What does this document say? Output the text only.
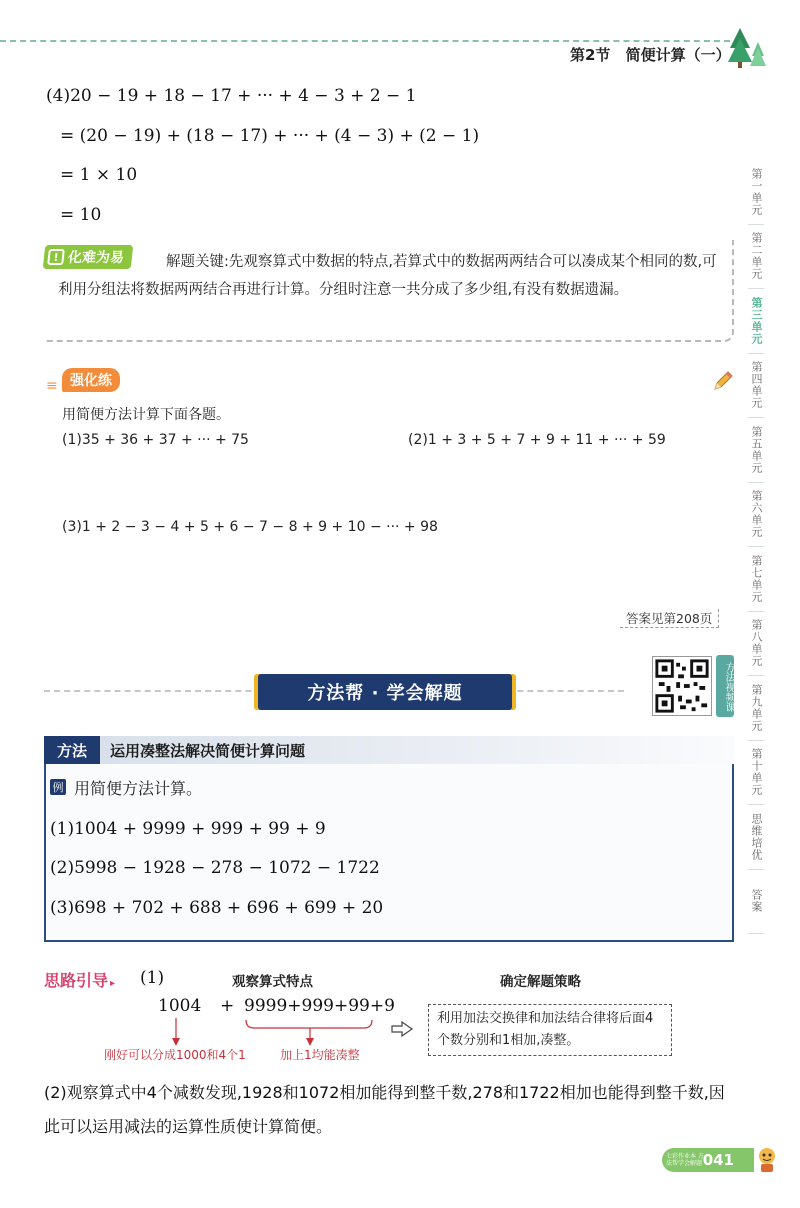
第2节 简便计算（一）
(4)20 − 19 + 18 − 17 + ··· + 4 − 3 + 2 − 1
= (20 − 19) + (18 − 17) + ··· + (4 − 3) + (2 − 1)
= 1 × 10
= 10
解题关键:先观察算式中数据的特点,若算式中的数据两两结合可以凑成某个相同的数,可利用分组法将数据两两结合再进行计算。分组时注意一共分成了多少组,有没有数据遗漏。
! 化难为易
≡ 强化练
用简便方法计算下面各题。
(1)35 + 36 + 37 + ··· + 75	(2)1 + 3 + 5 + 7 + 9 + 11 + ··· + 59
(3)1 + 2 − 3 − 4 + 5 + 6 − 7 − 8 + 9 + 10 − ··· + 98
答案见第208页
方法帮 · 学会解题	方法视频课
方法	运用凑整法解决简便计算问题
例 用简便方法计算。
(1)1004 + 9999 + 999 + 99 + 9
(2)5998 − 1928 − 278 − 1072 − 1722
(3)698 + 702 + 688 + 696 + 699 + 20
思路引导 ▸ (1)	观察算式特点	确定解题策略
1004 + 9999+999+99+9
刚好可以分成1000和4个1	加上1均能凑整
利用加法交换律和加法结合律将后面4个数分别和1相加,凑整。
(2)观察算式中4个减数发现,1928和1072相加能得到整千数,278和1722相加也能得到整千数,因此可以运用减法的运算性质使计算简便。
第一单元
第二单元
第三单元
第四单元
第五单元
第六单元
第七单元
第八单元
第九单元
第十单元
思维培优
答案
041
七彩作业本 方法帮学会解题
